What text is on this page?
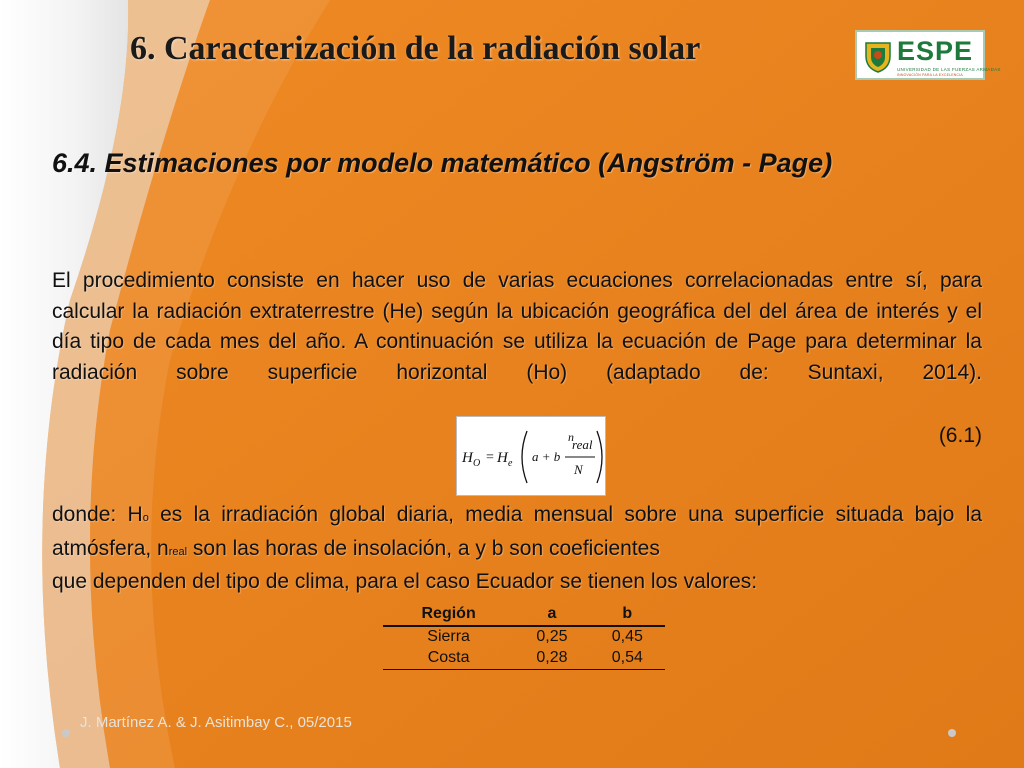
6. Caracterización de la radiación solar	ESPE
UNIVERSIDAD DE LAS FUERZAS ARMADAS
INNOVACIÓN PARA LA EXCELENCIA
6.4. Estimaciones por modelo matemático (Angström - Page)

El procedimiento consiste en hacer uso de varias ecuaciones correlacionadas entre sí, para calcular la radiación extraterrestre (He) según la ubicación geográfica del del área de interés y el día tipo de cada mes del año. A continuación se utiliza la ecuación de Page para determinar la radiación sobre superficie horizontal (Ho) (adaptado de: Suntaxi, 2014).

H O = H e a + b
n
real
N
(6.1)

donde: Ho es la irradiación global diaria, media mensual sobre una superficie situada bajo la atmósfera, nreal son las horas de insolación, a y b son coeficientes
que dependen del tipo de clima, para el caso Ecuador se tienen los valores:

Región	a	b
Sierra	0,25	0,45
Costa	0,28	0,54
J. Martínez A. & J. Asitimbay C., 05/2015
